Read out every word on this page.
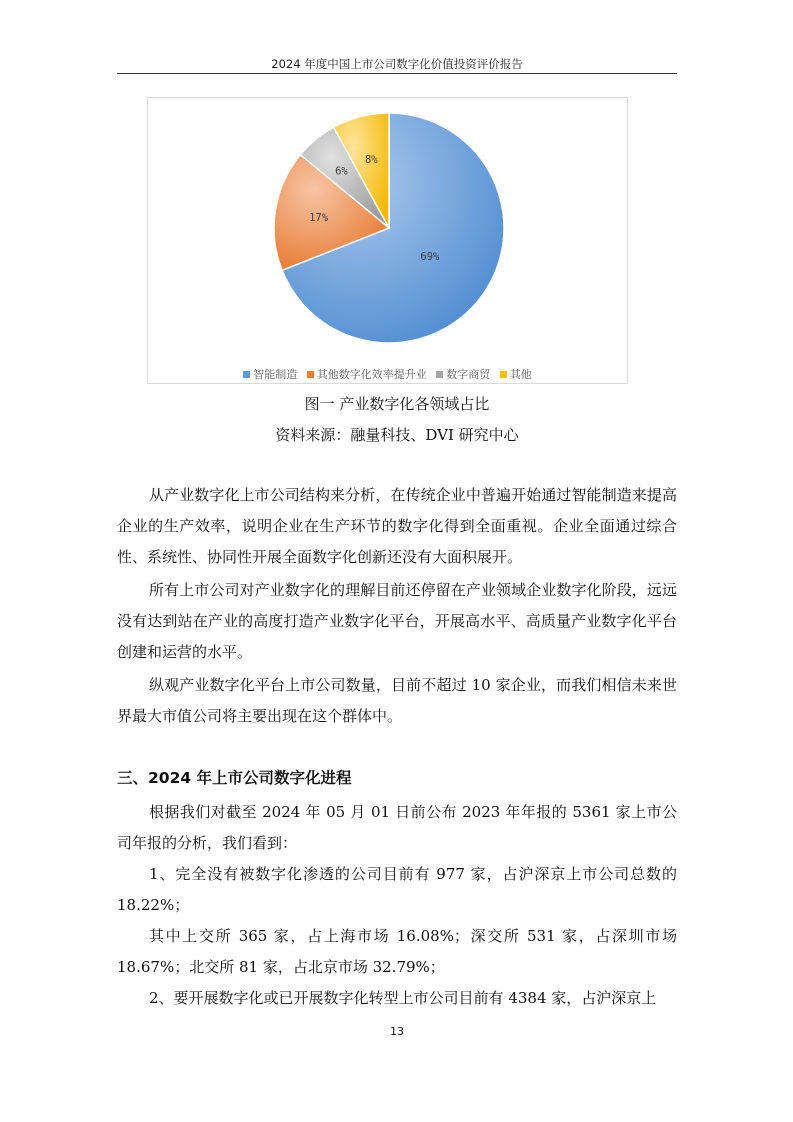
2024 年度中国上市公司数字化价值投资评价报告
69%
17%
6%
8%
智能制造 其他数字化效率提升业 数字商贸 其他
图一 产业数字化各领域占比
资料来源：融量科技、DVI 研究中心

从产业数字化上市公司结构来分析，在传统企业中普遍开始通过智能制造来提高企业的生产效率，说明企业在生产环节的数字化得到全面重视。企业全面通过综合性、系统性、协同性开展全面数字化创新还没有大面积展开。

所有上市公司对产业数字化的理解目前还停留在产业领域企业数字化阶段，远远没有达到站在产业的高度打造产业数字化平台，开展高水平、高质量产业数字化平台创建和运营的水平。

纵观产业数字化平台上市公司数量，目前不超过 10 家企业，而我们相信未来世界最大市值公司将主要出现在这个群体中。

三、2024 年上市公司数字化进程

根据我们对截至 2024 年 05 月 01 日前公布 2023 年年报的 5361 家上市公司年报的分析，我们看到：

1、完全没有被数字化渗透的公司目前有 977 家，占沪深京上市公司总数的 18.22%；

其中上交所 365 家，占上海市场 16.08%；深交所 531 家，占深圳市场 18.67%；北交所 81 家，占北京市场 32.79%；

2、要开展数字化或已开展数字化转型上市公司目前有 4384 家，占沪深京上

13
